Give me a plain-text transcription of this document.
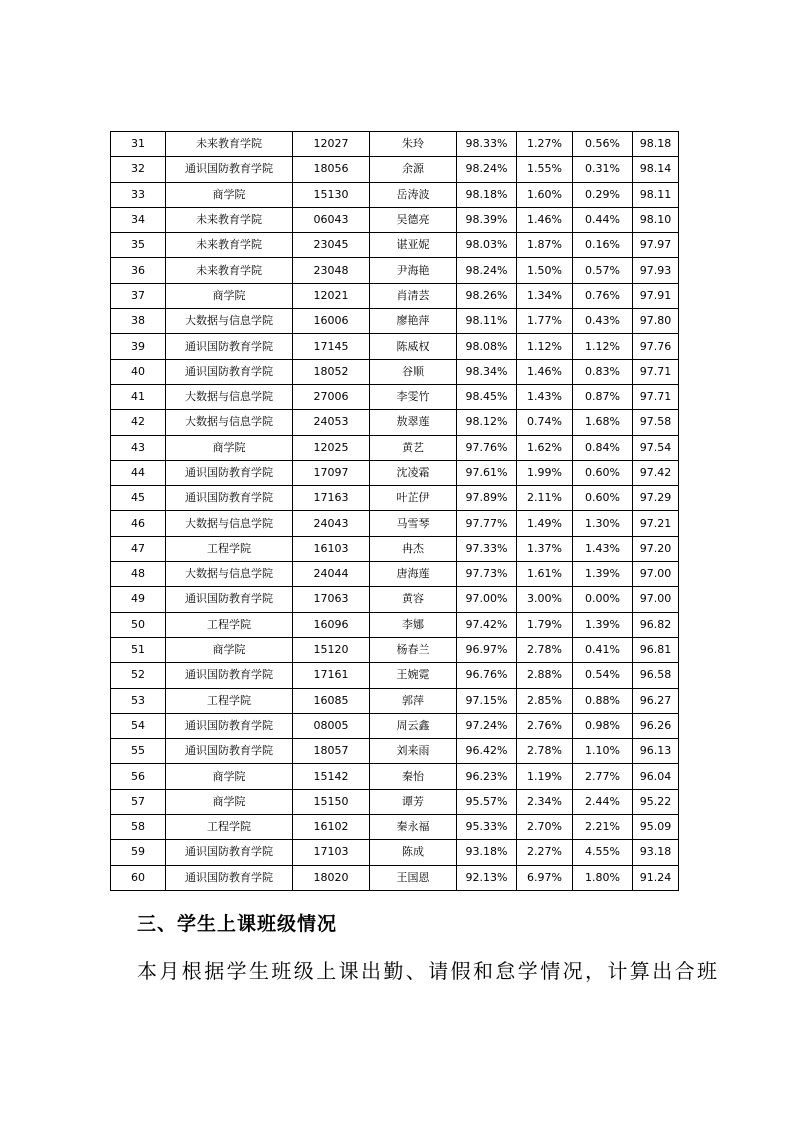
31	未来教育学院	12027	朱玲	98.33%	1.27%	0.56%	98.18
32	通识国防教育学院	18056	余源	98.24%	1.55%	0.31%	98.14
33	商学院	15130	岳涛波	98.18%	1.60%	0.29%	98.11
34	未来教育学院	06043	吴德亮	98.39%	1.46%	0.44%	98.10
35	未来教育学院	23045	谌亚妮	98.03%	1.87%	0.16%	97.97
36	未来教育学院	23048	尹海艳	98.24%	1.50%	0.57%	97.93
37	商学院	12021	肖清芸	98.26%	1.34%	0.76%	97.91
38	大数据与信息学院	16006	廖艳萍	98.11%	1.77%	0.43%	97.80
39	通识国防教育学院	17145	陈威权	98.08%	1.12%	1.12%	97.76
40	通识国防教育学院	18052	谷顺	98.34%	1.46%	0.83%	97.71
41	大数据与信息学院	27006	李雯竹	98.45%	1.43%	0.87%	97.71
42	大数据与信息学院	24053	敖翠莲	98.12%	0.74%	1.68%	97.58
43	商学院	12025	黄艺	97.76%	1.62%	0.84%	97.54
44	通识国防教育学院	17097	沈凌霜	97.61%	1.99%	0.60%	97.42
45	通识国防教育学院	17163	叶芷伊	97.89%	2.11%	0.60%	97.29
46	大数据与信息学院	24043	马雪琴	97.77%	1.49%	1.30%	97.21
47	工程学院	16103	冉杰	97.33%	1.37%	1.43%	97.20
48	大数据与信息学院	24044	唐海莲	97.73%	1.61%	1.39%	97.00
49	通识国防教育学院	17063	黄容	97.00%	3.00%	0.00%	97.00
50	工程学院	16096	李娜	97.42%	1.79%	1.39%	96.82
51	商学院	15120	杨春兰	96.97%	2.78%	0.41%	96.81
52	通识国防教育学院	17161	王婉霓	96.76%	2.88%	0.54%	96.58
53	工程学院	16085	郭萍	97.15%	2.85%	0.88%	96.27
54	通识国防教育学院	08005	周云鑫	97.24%	2.76%	0.98%	96.26
55	通识国防教育学院	18057	刘来雨	96.42%	2.78%	1.10%	96.13
56	商学院	15142	秦怡	96.23%	1.19%	2.77%	96.04
57	商学院	15150	谭芳	95.57%	2.34%	2.44%	95.22
58	工程学院	16102	秦永福	95.33%	2.70%	2.21%	95.09
59	通识国防教育学院	17103	陈成	93.18%	2.27%	4.55%	93.18
60	通识国防教育学院	18020	王国恩	92.13%	6.97%	1.80%	91.24
三、学生上课班级情况
本月根据学生班级上课出勤、请假和怠学情况，计算出合班
